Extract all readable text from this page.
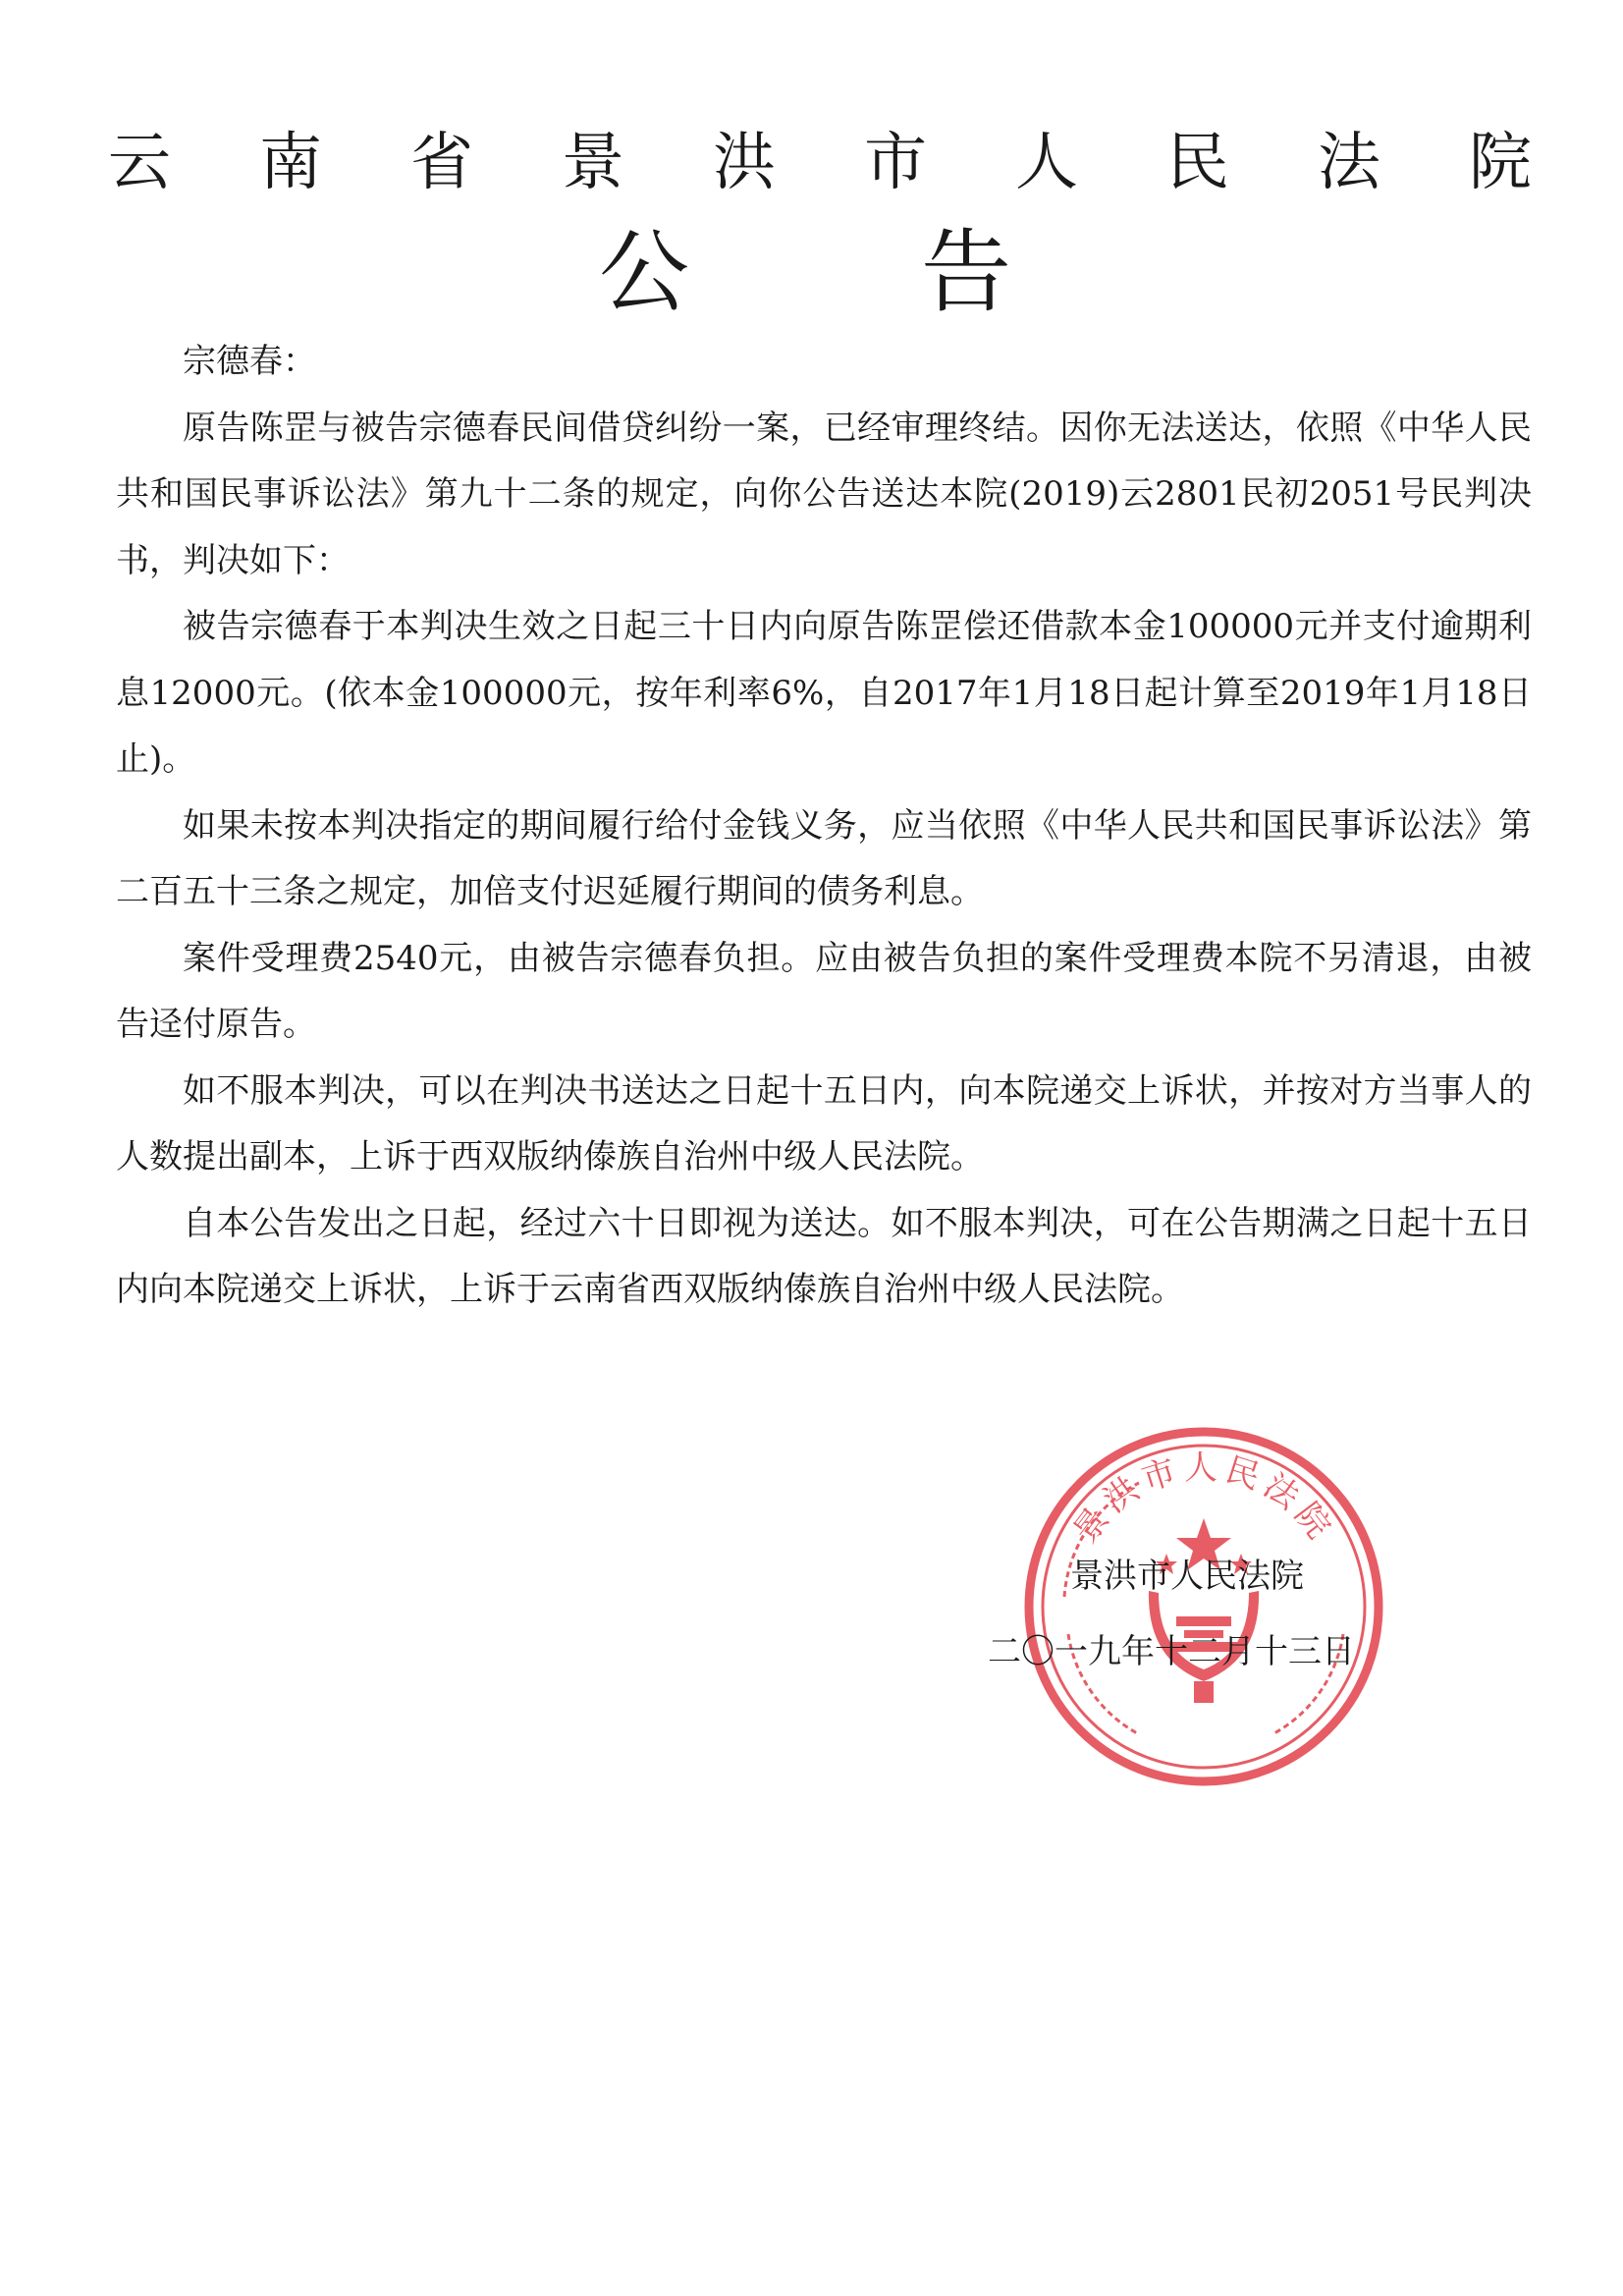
云 南 省 景 洪 市 人 民 法 院
公	告

宗德春：

原告陈罡与被告宗德春民间借贷纠纷一案，已经审理终结。因你无法送达，依照《中华人民共和国民事诉讼法》第九十二条的规定，向你公告送达本院(2019)云2801民初2051号民判决书，判决如下：

被告宗德春于本判决生效之日起三十日内向原告陈罡偿还借款本金100000元并支付逾期利息12000元。(依本金100000元，按年利率6%，自2017年1月18日起计算至2019年1月18日止)。

如果未按本判决指定的期间履行给付金钱义务，应当依照《中华人民共和国民事诉讼法》第二百五十三条之规定，加倍支付迟延履行期间的债务利息。

案件受理费2540元，由被告宗德春负担。应由被告负担的案件受理费本院不另清退，由被告迳付原告。

如不服本判决，可以在判决书送达之日起十五日内，向本院递交上诉状，并按对方当事人的人数提出副本，上诉于西双版纳傣族自治州中级人民法院。

自本公告发出之日起，经过六十日即视为送达。如不服本判决，可在公告期满之日起十五日内向本院递交上诉状，上诉于云南省西双版纳傣族自治州中级人民法院。

景洪市人民法院
景洪市人民法院
二〇一九年十二月十三日
